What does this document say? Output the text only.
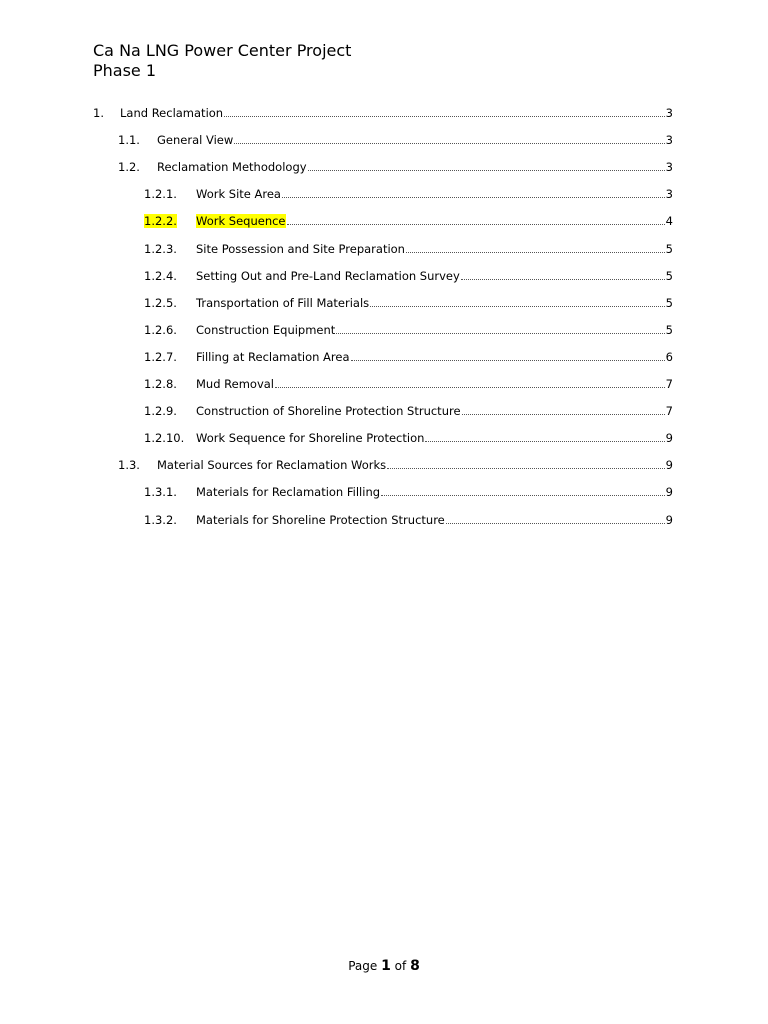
Ca Na LNG Power Center Project
Phase 1
1.	Land Reclamation	3
1.1.	General View	3
1.2.	Reclamation Methodology	3
1.2.1.	Work Site Area	3
1.2.2.	Work Sequence	4
1.2.3.	Site Possession and Site Preparation	5
1.2.4.	Setting Out and Pre-Land Reclamation Survey	5
1.2.5.	Transportation of Fill Materials	5
1.2.6.	Construction Equipment	5
1.2.7.	Filling at Reclamation Area	6
1.2.8.	Mud Removal	7
1.2.9.	Construction of Shoreline Protection Structure	7
1.2.10.	Work Sequence for Shoreline Protection	9
1.3.	Material Sources for Reclamation Works	9
1.3.1.	Materials for Reclamation Filling	9
1.3.2.	Materials for Shoreline Protection Structure	9
Page 1 of 8
